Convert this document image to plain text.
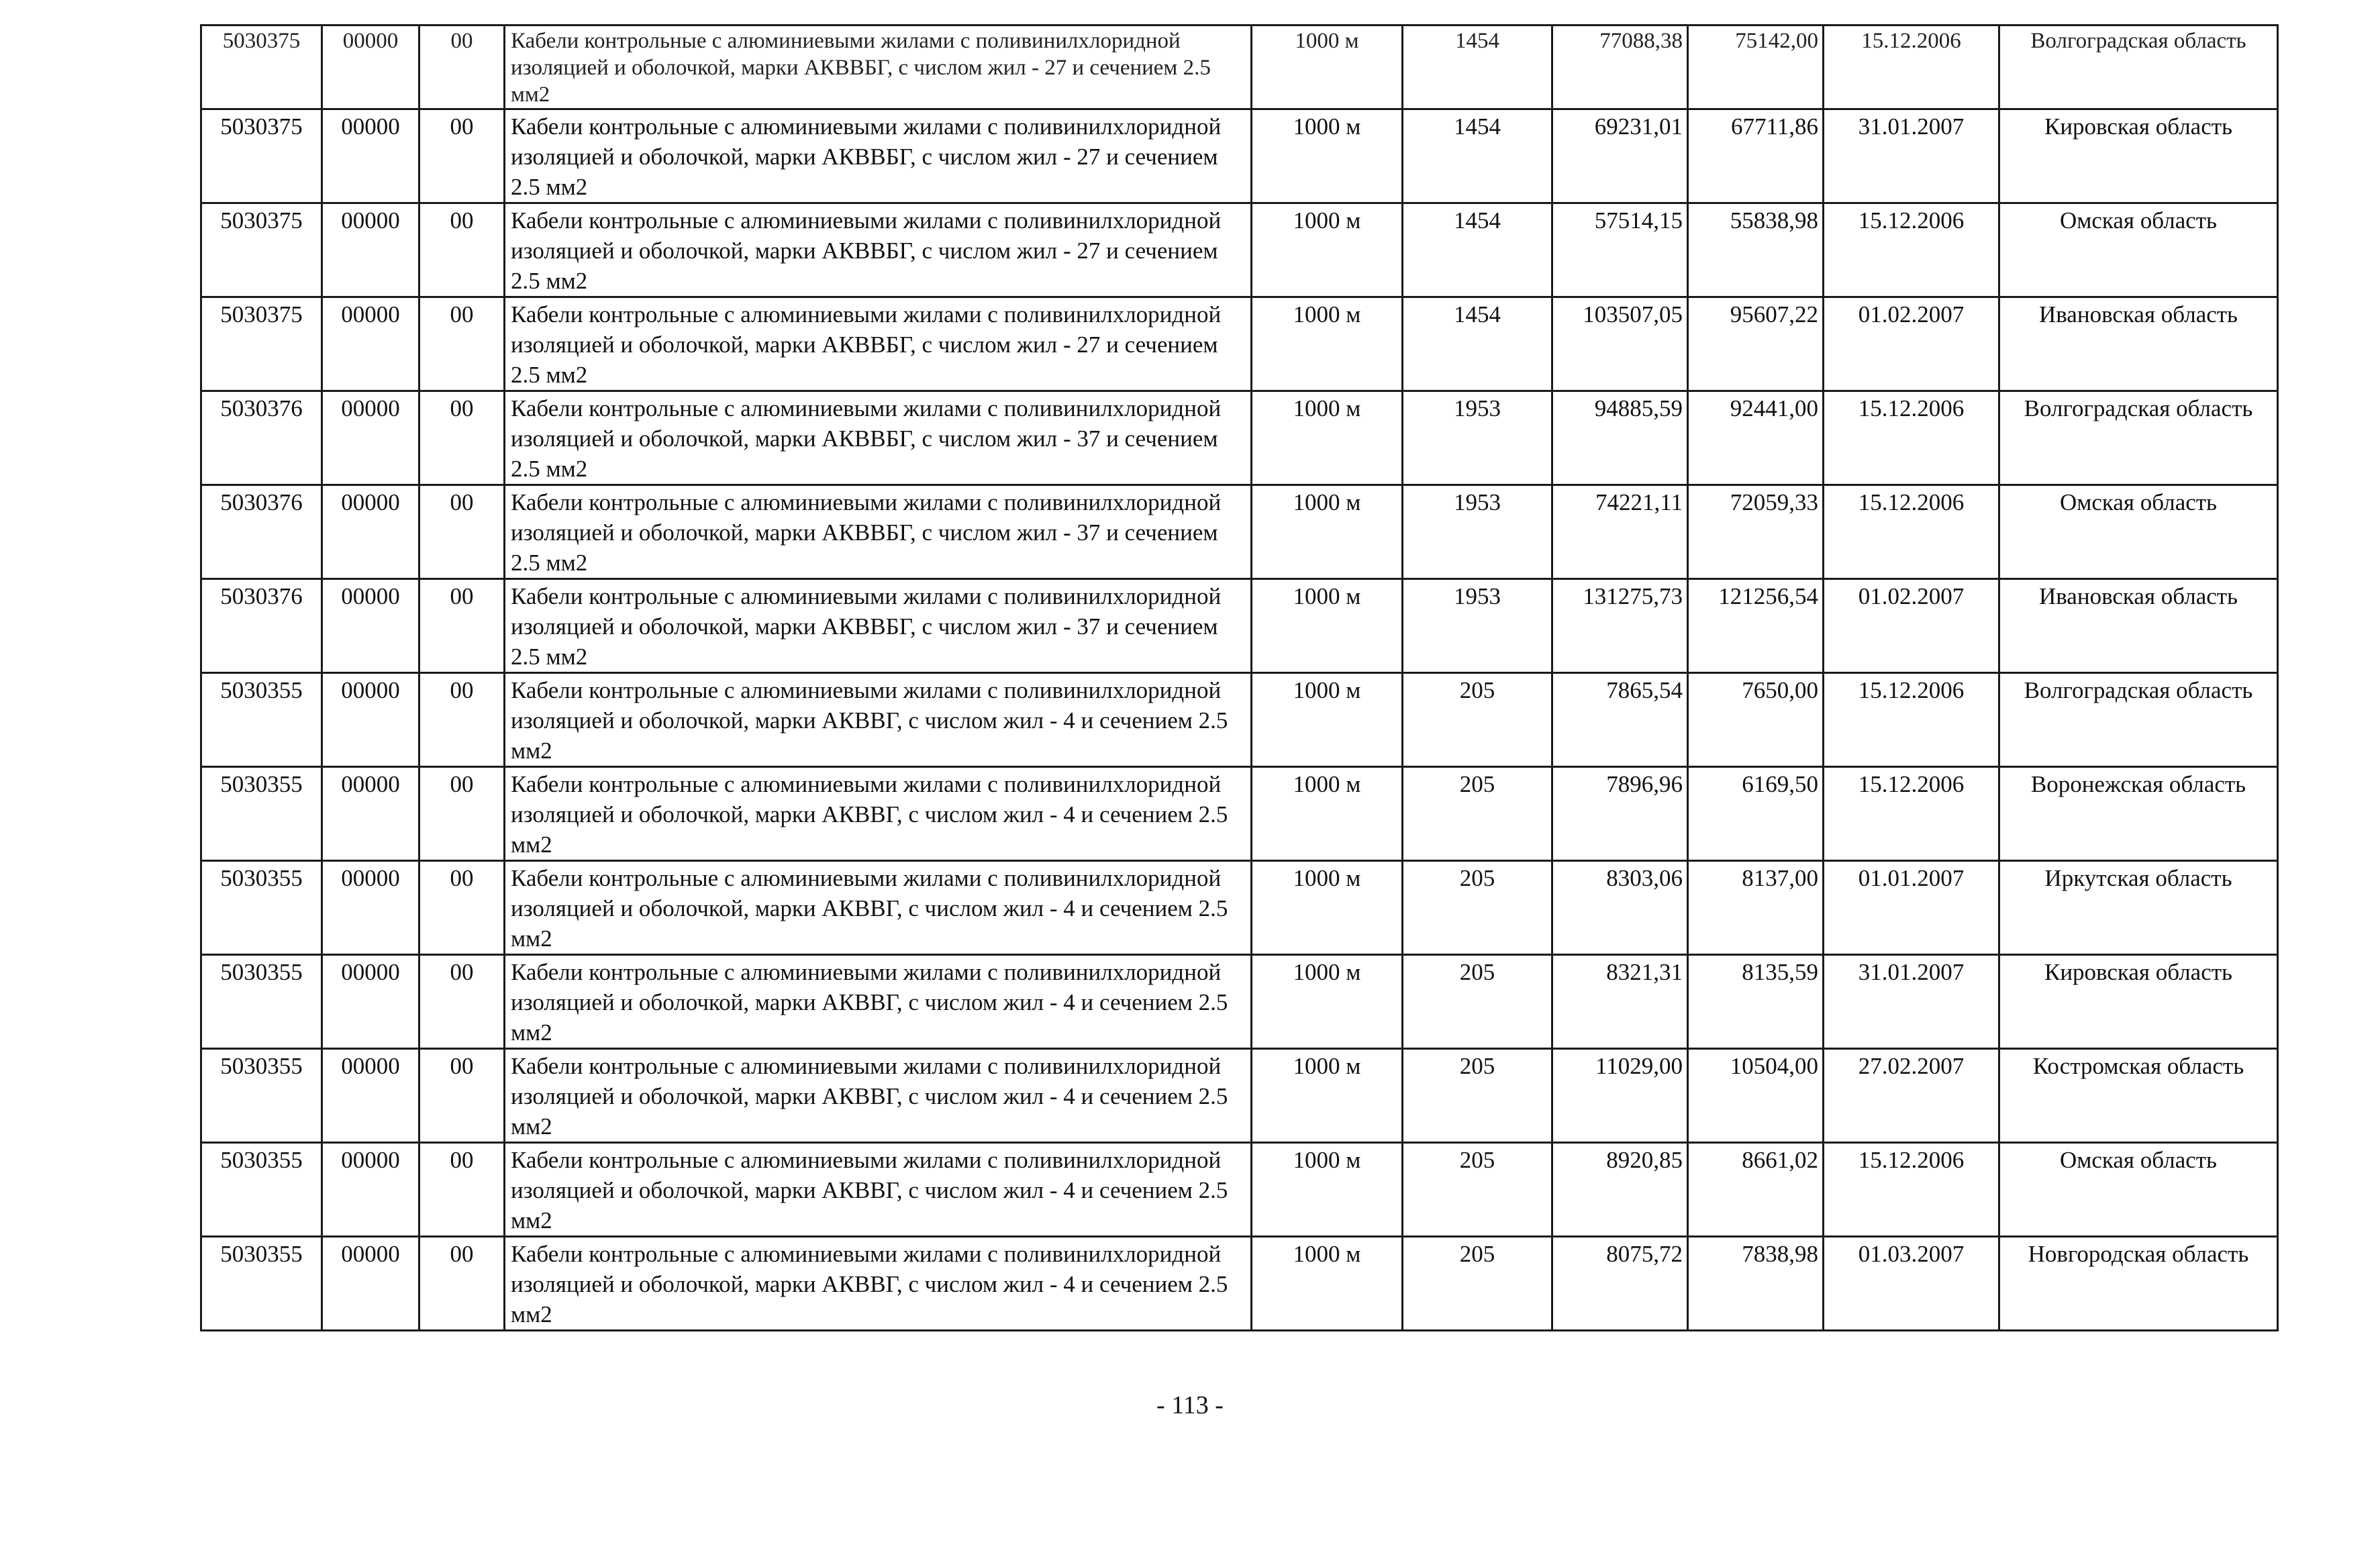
5030375	00000	00	Кабели контрольные с алюминиевыми жилами с поливинилхлоридной изоляцией и оболочкой, марки АКВВБГ, с числом жил - 27 и сечением 2.5 мм2	1000 м	1454	77088,38	75142,00	15.12.2006	Волгоградская область
5030375	00000	00	Кабели контрольные с алюминиевыми жилами с поливинилхлоридной изоляцией и оболочкой, марки АКВВБГ, с числом жил - 27 и сечением 2.5 мм2	1000 м	1454	69231,01	67711,86	31.01.2007	Кировская область
5030375	00000	00	Кабели контрольные с алюминиевыми жилами с поливинилхлоридной изоляцией и оболочкой, марки АКВВБГ, с числом жил - 27 и сечением 2.5 мм2	1000 м	1454	57514,15	55838,98	15.12.2006	Омская область
5030375	00000	00	Кабели контрольные с алюминиевыми жилами с поливинилхлоридной изоляцией и оболочкой, марки АКВВБГ, с числом жил - 27 и сечением 2.5 мм2	1000 м	1454	103507,05	95607,22	01.02.2007	Ивановская область
5030376	00000	00	Кабели контрольные с алюминиевыми жилами с поливинилхлоридной изоляцией и оболочкой, марки АКВВБГ, с числом жил - 37 и сечением 2.5 мм2	1000 м	1953	94885,59	92441,00	15.12.2006	Волгоградская область
5030376	00000	00	Кабели контрольные с алюминиевыми жилами с поливинилхлоридной изоляцией и оболочкой, марки АКВВБГ, с числом жил - 37 и сечением 2.5 мм2	1000 м	1953	74221,11	72059,33	15.12.2006	Омская область
5030376	00000	00	Кабели контрольные с алюминиевыми жилами с поливинилхлоридной изоляцией и оболочкой, марки АКВВБГ, с числом жил - 37 и сечением 2.5 мм2	1000 м	1953	131275,73	121256,54	01.02.2007	Ивановская область
5030355	00000	00	Кабели контрольные с алюминиевыми жилами с поливинилхлоридной изоляцией и оболочкой, марки АКВВГ, с числом жил - 4 и сечением 2.5 мм2	1000 м	205	7865,54	7650,00	15.12.2006	Волгоградская область
5030355	00000	00	Кабели контрольные с алюминиевыми жилами с поливинилхлоридной изоляцией и оболочкой, марки АКВВГ, с числом жил - 4 и сечением 2.5 мм2	1000 м	205	7896,96	6169,50	15.12.2006	Воронежская область
5030355	00000	00	Кабели контрольные с алюминиевыми жилами с поливинилхлоридной изоляцией и оболочкой, марки АКВВГ, с числом жил - 4 и сечением 2.5 мм2	1000 м	205	8303,06	8137,00	01.01.2007	Иркутская область
5030355	00000	00	Кабели контрольные с алюминиевыми жилами с поливинилхлоридной изоляцией и оболочкой, марки АКВВГ, с числом жил - 4 и сечением 2.5 мм2	1000 м	205	8321,31	8135,59	31.01.2007	Кировская область
5030355	00000	00	Кабели контрольные с алюминиевыми жилами с поливинилхлоридной изоляцией и оболочкой, марки АКВВГ, с числом жил - 4 и сечением 2.5 мм2	1000 м	205	11029,00	10504,00	27.02.2007	Костромская область
5030355	00000	00	Кабели контрольные с алюминиевыми жилами с поливинилхлоридной изоляцией и оболочкой, марки АКВВГ, с числом жил - 4 и сечением 2.5 мм2	1000 м	205	8920,85	8661,02	15.12.2006	Омская область
5030355	00000	00	Кабели контрольные с алюминиевыми жилами с поливинилхлоридной изоляцией и оболочкой, марки АКВВГ, с числом жил - 4 и сечением 2.5 мм2	1000 м	205	8075,72	7838,98	01.03.2007	Новгородская область
- 113 -
